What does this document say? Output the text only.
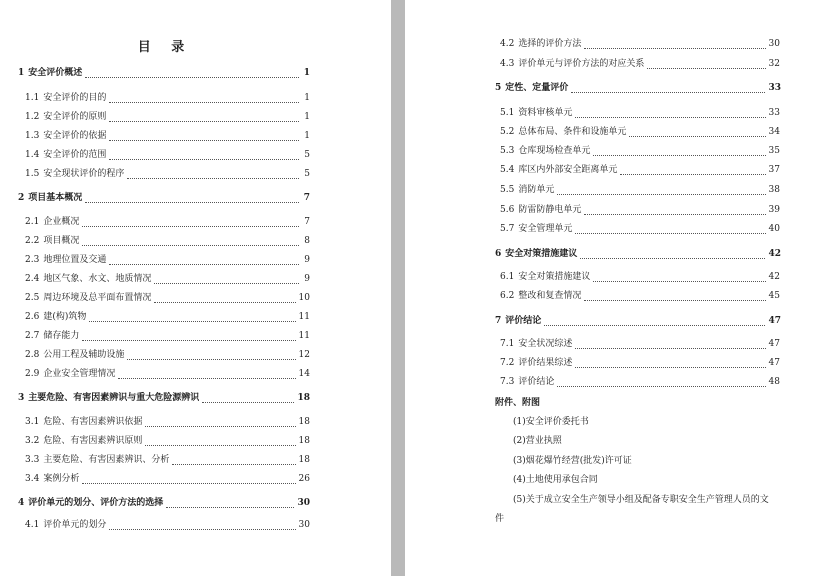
目 录
1 安全评价概述	1
1.1 安全评价的目的	1
1.2 安全评价的原则	1
1.3 安全评价的依据	1
1.4 安全评价的范围	5
1.5 安全现状评价的程序	5
2 项目基本概况	7
2.1 企业概况	7
2.2 项目概况	8
2.3 地理位置及交通	9
2.4 地区气象、水文、地质情况	9
2.5 周边环境及总平面布置情况	10
2.6 建(构)筑物	11
2.7 储存能力	11
2.8 公用工程及辅助设施	12
2.9 企业安全管理情况	14
3 主要危险、有害因素辨识与重大危险源辨识	18
3.1 危险、有害因素辨识依据	18
3.2 危险、有害因素辨识原则	18
3.3 主要危险、有害因素辨识、分析	18
3.4 案例分析	26
4 评价单元的划分、评价方法的选择	30
4.1 评价单元的划分	30
附件、附图
4.2 选择的评价方法	30
4.3 评价单元与评价方法的对应关系	32
5 定性、定量评价	33
5.1 资料审核单元	33
5.2 总体布局、条件和设施单元	34
5.3 仓库现场检查单元	35
5.4 库区内外部安全距离单元	37
5.5 消防单元	38
5.6 防雷防静电单元	39
5.7 安全管理单元	40
6 安全对策措施建议	42
6.1 安全对策措施建议	42
6.2 整改和复查情况	45
7 评价结论	47
7.1 安全状况综述	47
7.2 评价结果综述	47
7.3 评价结论	48
(1)安全评价委托书
(2)营业执照
(3)烟花爆竹经营(批发)许可证
(4)土地使用承包合同
(5)关于成立安全生产领导小组及配备专职安全生产管理人员的文
件
